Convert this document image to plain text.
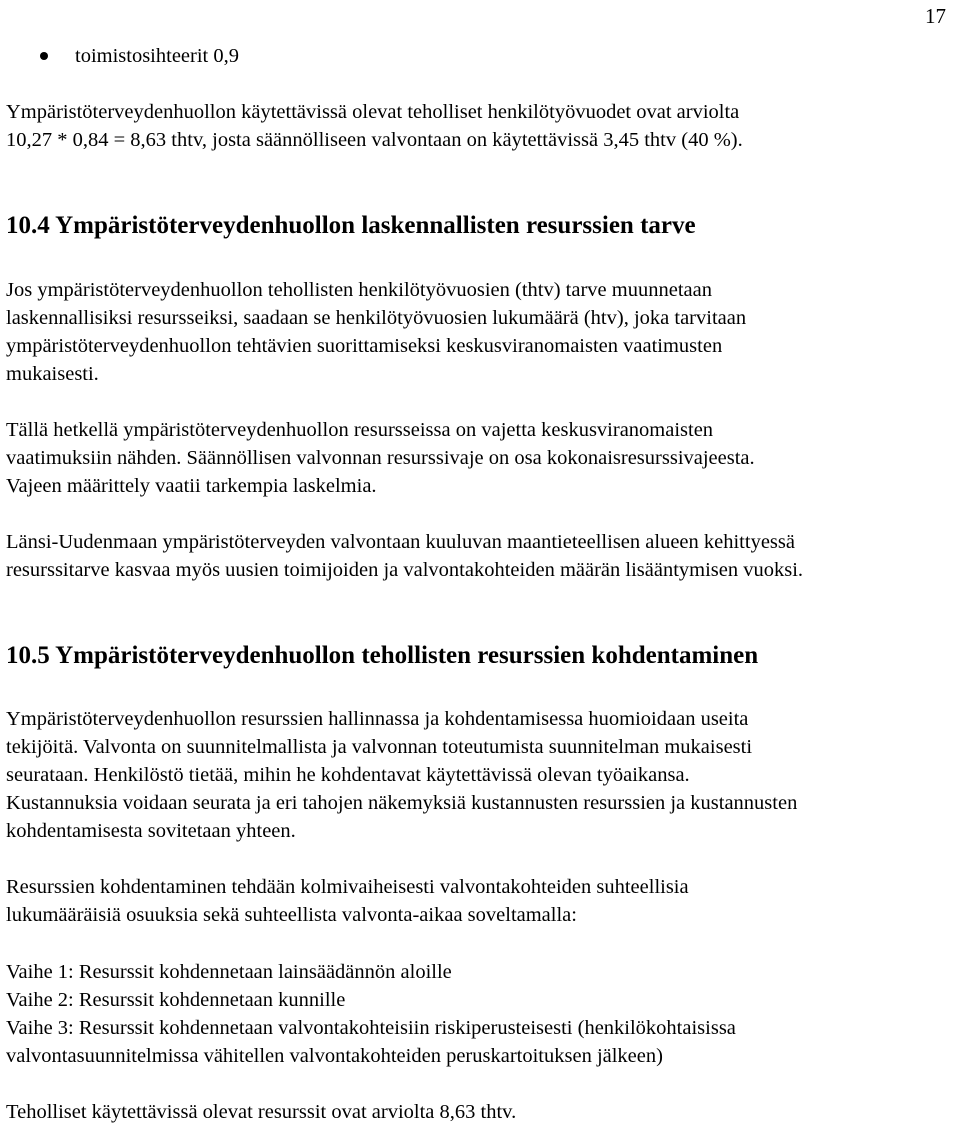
17
toimistosihteerit 0,9

Ympäristöterveydenhuollon käytettävissä olevat teholliset henkilötyövuodet ovat arviolta
10,27 * 0,84 = 8,63 thtv, josta säännölliseen valvontaan on käytettävissä 3,45 thtv (40 %).

10.4 Ympäristöterveydenhuollon laskennallisten resurssien tarve

Jos ympäristöterveydenhuollon tehollisten henkilötyövuosien (thtv) tarve muunnetaan
laskennallisiksi resursseiksi, saadaan se henkilötyövuosien lukumäärä (htv), joka tarvitaan
ympäristöterveydenhuollon tehtävien suorittamiseksi keskusviranomaisten vaatimusten
mukaisesti.

Tällä hetkellä ympäristöterveydenhuollon resursseissa on vajetta keskusviranomaisten
vaatimuksiin nähden. Säännöllisen valvonnan resurssivaje on osa kokonaisresurssivajeesta.
Vajeen määrittely vaatii tarkempia laskelmia.

Länsi-Uudenmaan ympäristöterveyden valvontaan kuuluvan maantieteellisen alueen kehittyessä
resurssitarve kasvaa myös uusien toimijoiden ja valvontakohteiden määrän lisääntymisen vuoksi.

10.5 Ympäristöterveydenhuollon tehollisten resurssien kohdentaminen

Ympäristöterveydenhuollon resurssien hallinnassa ja kohdentamisessa huomioidaan useita
tekijöitä. Valvonta on suunnitelmallista ja valvonnan toteutumista suunnitelman mukaisesti
seurataan. Henkilöstö tietää, mihin he kohdentavat käytettävissä olevan työaikansa.
Kustannuksia voidaan seurata ja eri tahojen näkemyksiä kustannusten resurssien ja kustannusten
kohdentamisesta sovitetaan yhteen.

Resurssien kohdentaminen tehdään kolmivaiheisesti valvontakohteiden suhteellisia
lukumääräisiä osuuksia sekä suhteellista valvonta-aikaa soveltamalla:

Vaihe 1: Resurssit kohdennetaan lainsäädännön aloille
Vaihe 2: Resurssit kohdennetaan kunnille
Vaihe 3: Resurssit kohdennetaan valvontakohteisiin riskiperusteisesti (henkilökohtaisissa
valvontasuunnitelmissa vähitellen valvontakohteiden peruskartoituksen jälkeen)

Teholliset käytettävissä olevat resurssit ovat arviolta 8,63 thtv.
